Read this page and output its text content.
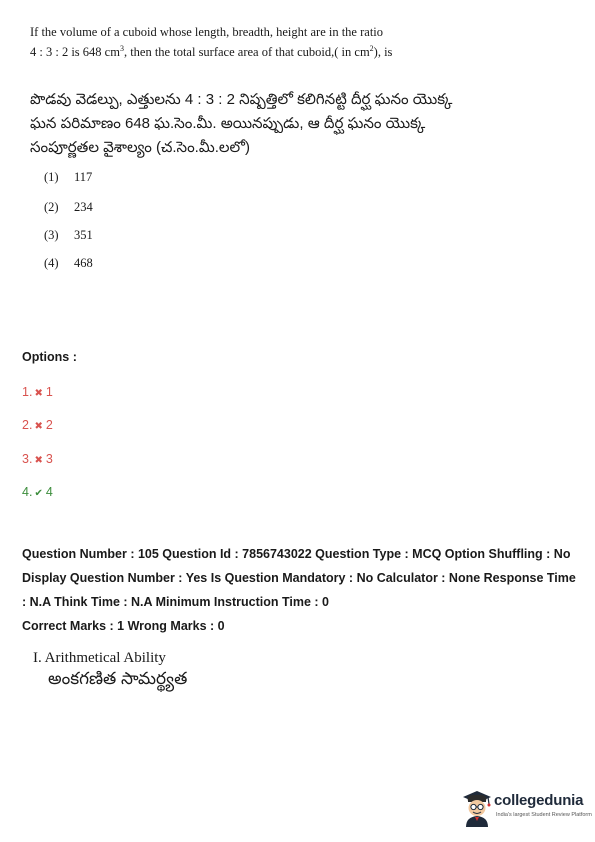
If the volume of a cuboid whose length, breadth, height are in the ratio
4 : 3 : 2 is 648 $cm^3$, then the total surface area of that cuboid,( in $cm^2$), is
పొడవు వెడల్పు, ఎత్తులను 4 : 3 : 2 నిష్పత్తిలో కలిగినట్టి దీర్ఘ ఘనం యొక్క
ఘన పరిమాణం 648 ఘ.సెం.మీ. అయినప్పుడు, ఆ దీర్ఘ ఘనం యొక్క
సంపూర్ణతల వైశాల్యం (చ.సెం.మీ.లలో)
(1) 117
(2) 234
(3) 351
(4) 468
Options :
1. ✖ 1
2. ✖ 2
3. ✖ 3
4. ✔ 4
Question Number : 105 Question Id : 7856743022 Question Type : MCQ Option Shuffling : No
Display Question Number : Yes Is Question Mandatory : No Calculator : None Response Time
: N.A Think Time : N.A Minimum Instruction Time : 0
Correct Marks : 1 Wrong Marks : 0
I. Arithmetical Ability
అంకగణిత సామర్థ్యత
collegedunia
India's largest Student Review Platform
